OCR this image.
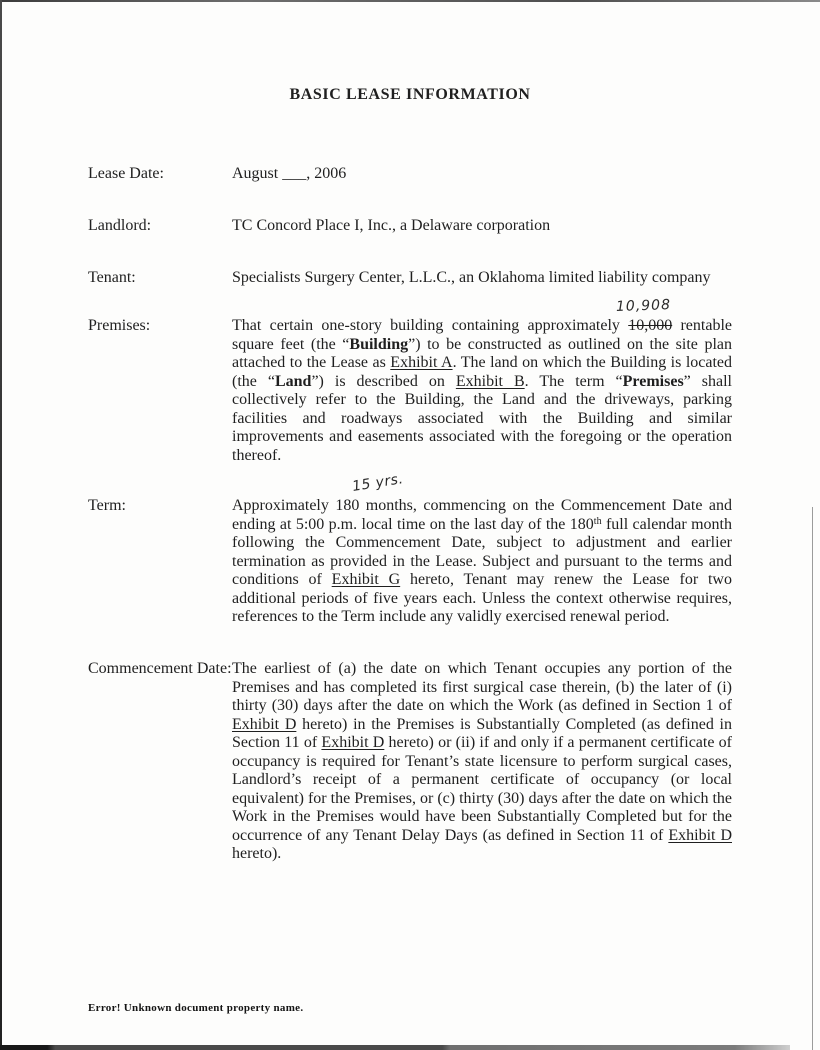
BASIC LEASE INFORMATION
Lease Date:	August ___, 2006
Landlord:	TC Concord Place I, Inc., a Delaware corporation
Tenant:	Specialists Surgery Center, L.L.C., an Oklahoma limited liability company
Premises:	That certain one-story building containing approximately 10,000 rentable square feet (the “Building”) to be constructed as outlined on the site plan attached to the Lease as Exhibit A. The land on which the Building is located (the “Land”) is described on Exhibit B. The term “Premises” shall collectively refer to the Building, the Land and the driveways, parking facilities and roadways associated with the Building and similar improvements and easements associated with the foregoing or the operation thereof.
Term:	Approximately 180 months, commencing on the Commencement Date and ending at 5:00 p.m. local time on the last day of the 180th full calendar month following the Commencement Date, subject to adjustment and earlier termination as provided in the Lease. Subject and pursuant to the terms and conditions of Exhibit G hereto, Tenant may renew the Lease for two additional periods of five years each. Unless the context otherwise requires, references to the Term include any validly exercised renewal period.
Commencement Date: The earliest of (a) the date on which Tenant occupies any portion of the Premises and has completed its first surgical case therein, (b) the later of (i) thirty (30) days after the date on which the Work (as defined in Section 1 of Exhibit D hereto) in the Premises is Substantially Completed (as defined in Section 11 of Exhibit D hereto) or (ii) if and only if a permanent certificate of occupancy is required for Tenant’s state licensure to perform surgical cases, Landlord’s receipt of a permanent certificate of occupancy (or local equivalent) for the Premises, or (c) thirty (30) days after the date on which the Work in the Premises would have been Substantially Completed but for the occurrence of any Tenant Delay Days (as defined in Section 11 of Exhibit D hereto).
10,908
15 yrs.
Error! Unknown document property name.
